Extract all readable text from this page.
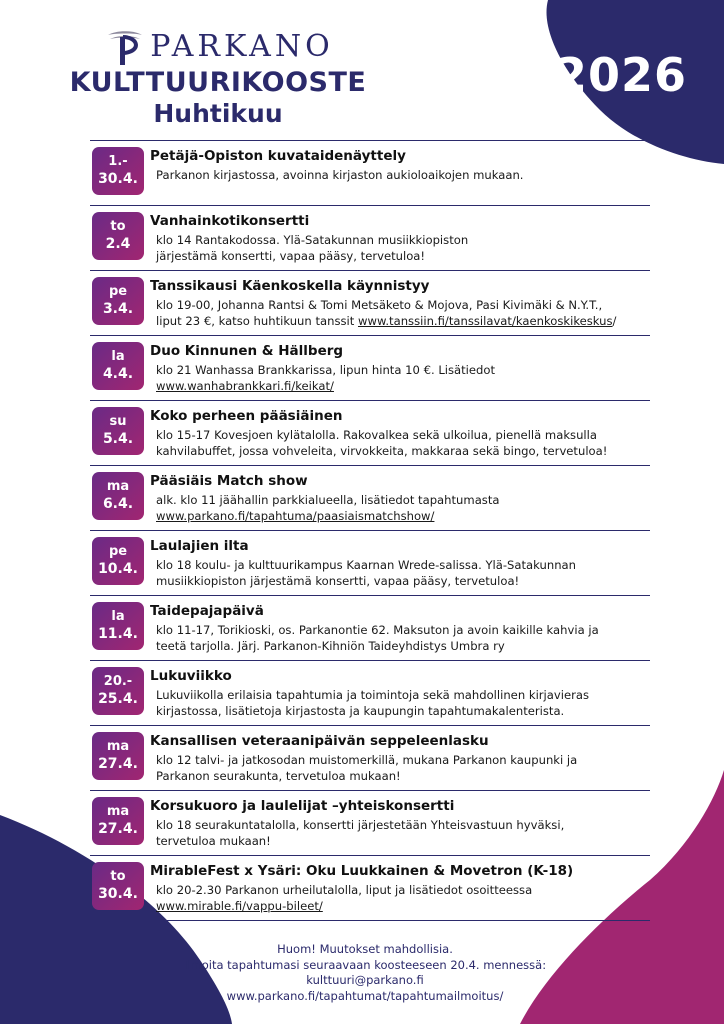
PARKANO
KULTTUURIKOOSTE
Huhtikuu
2026
1.-
30.4.
Petäjä-Opiston kuvataidenäyttely
Parkanon kirjastossa, avoinna kirjaston aukioloaikojen mukaan.
to
2.4
Vanhainkotikonsertti
klo 14 Rantakodossa. Ylä-Satakunnan musiikkiopiston
järjestämä konsertti, vapaa pääsy, tervetuloa!
pe
3.4.
Tanssikausi Käenkoskella käynnistyy
klo 19-00, Johanna Rantsi & Tomi Metsäketo & Mojova, Pasi Kivimäki & N.Y.T.,
liput 23 €, katso huhtikuun tanssit www.tanssiin.fi/tanssilavat/kaenkoskikeskus/
la
4.4.
Duo Kinnunen & Hällberg
klo 21 Wanhassa Brankkarissa, lipun hinta 10 €. Lisätiedot
www.wanhabrankkari.fi/keikat/
su
5.4.
Koko perheen pääsiäinen
klo 15-17 Kovesjoen kylätalolla. Rakovalkea sekä ulkoilua, pienellä maksulla
kahvilabuffet, jossa vohveleita, virvokkeita, makkaraa sekä bingo, tervetuloa!
ma
6.4.
Pääsiäis Match show
alk. klo 11 jäähallin parkkialueella, lisätiedot tapahtumasta
www.parkano.fi/tapahtuma/paasiaismatchshow/
pe
10.4.
Laulajien ilta
klo 18 koulu- ja kulttuurikampus Kaarnan Wrede-salissa. Ylä-Satakunnan
musiikkiopiston järjestämä konsertti, vapaa pääsy, tervetuloa!
la
11.4.
Taidepajapäivä
klo 11-17, Torikioski, os. Parkanontie 62. Maksuton ja avoin kaikille kahvia ja
teetä tarjolla. Järj. Parkanon-Kihniön Taideyhdistys Umbra ry
20.-
25.4.
Lukuviikko
Lukuviikolla erilaisia tapahtumia ja toimintoja sekä mahdollinen kirjavieras
kirjastossa, lisätietoja kirjastosta ja kaupungin tapahtumakalenterista.
ma
27.4.
Kansallisen veteraanipäivän seppeleenlasku
klo 12 talvi- ja jatkosodan muistomerkillä, mukana Parkanon kaupunki ja
Parkanon seurakunta, tervetuloa mukaan!
ma
27.4.
Korsukuoro ja laulelijat –yhteiskonsertti
klo 18 seurakuntatalolla, konsertti järjestetään Yhteisvastuun hyväksi,
tervetuloa mukaan!
to
30.4.
MirableFest x Ysäri: Oku Luukkainen & Movetron (K-18)
klo 20-2.30 Parkanon urheilutalolla, liput ja lisätiedot osoitteessa
www.mirable.fi/vappu-bileet/
Huom! Muutokset mahdollisia.
Ilmoita tapahtumasi seuraavaan koosteeseen 20.4. mennessä:
kulttuuri@parkano.fi
www.parkano.fi/tapahtumat/tapahtumailmoitus/
